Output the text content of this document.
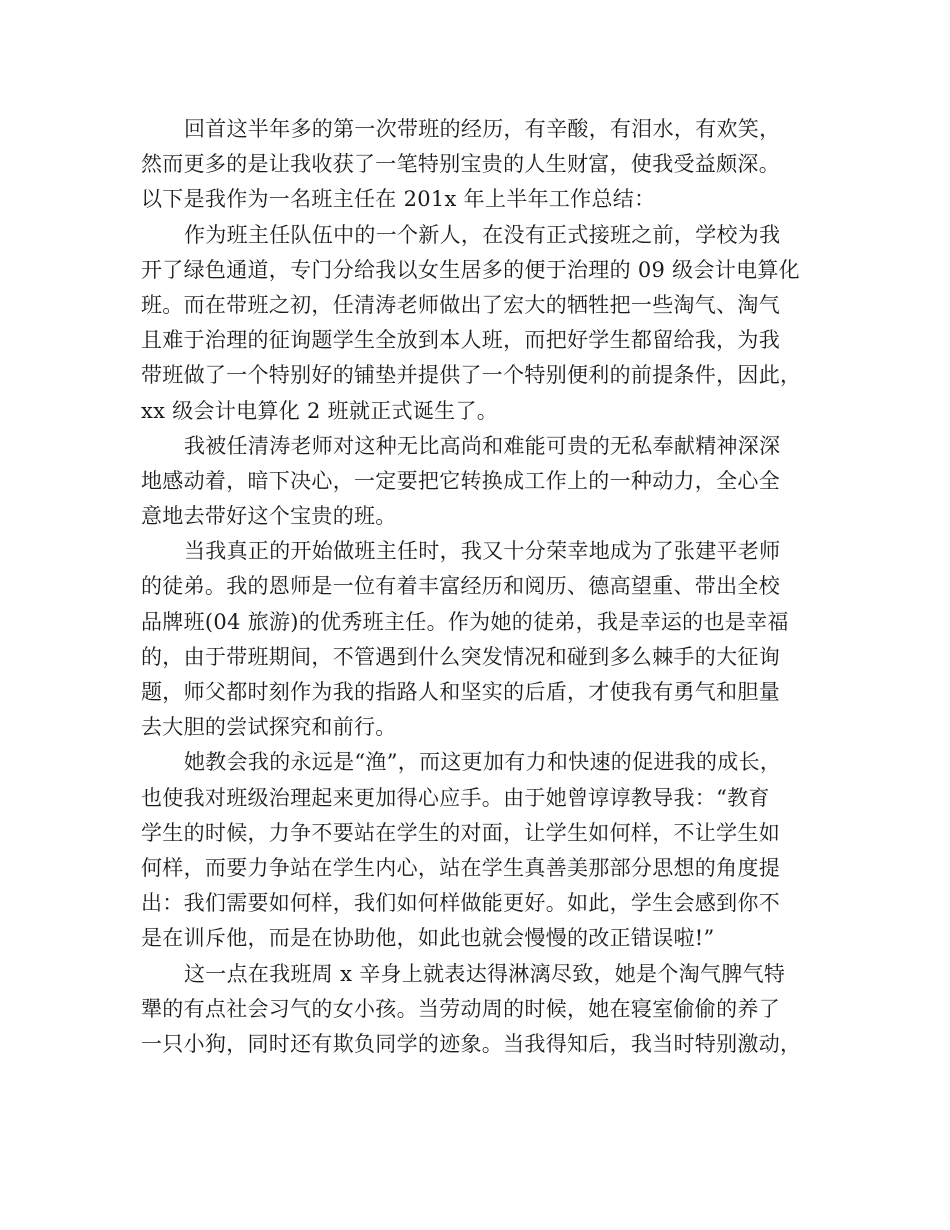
回首这半年多的第一次带班的经历，有辛酸，有泪水，有欢笑，
然而更多的是让我收获了一笔特别宝贵的人生财富，使我受益颇深。
以下是我作为一名班主任在 201x 年上半年工作总结：
作为班主任队伍中的一个新人，在没有正式接班之前，学校为我
开了绿色通道，专门分给我以女生居多的便于治理的 09 级会计电算化
班。而在带班之初，任清涛老师做出了宏大的牺牲把一些淘气、淘气
且难于治理的征询题学生全放到本人班，而把好学生都留给我，为我
带班做了一个特别好的铺垫并提供了一个特别便利的前提条件，因此，
xx 级会计电算化 2 班就正式诞生了。
我被任清涛老师对这种无比高尚和难能可贵的无私奉献精神深深
地感动着，暗下决心，一定要把它转换成工作上的一种动力，全心全
意地去带好这个宝贵的班。
当我真正的开始做班主任时，我又十分荣幸地成为了张建平老师
的徒弟。我的恩师是一位有着丰富经历和阅历、德高望重、带出全校
品牌班(04 旅游)的优秀班主任。作为她的徒弟，我是幸运的也是幸福
的，由于带班期间，不管遇到什么突发情况和碰到多么棘手的大征询
题，师父都时刻作为我的指路人和坚实的后盾，才使我有勇气和胆量
去大胆的尝试探究和前行。
她教会我的永远是“渔”，而这更加有力和快速的促进我的成长，
也使我对班级治理起来更加得心应手。由于她曾谆谆教导我：“教育
学生的时候，力争不要站在学生的对面，让学生如何样，不让学生如
何样，而要力争站在学生内心，站在学生真善美那部分思想的角度提
出：我们需要如何样，我们如何样做能更好。如此，学生会感到你不
是在训斥他，而是在协助他，如此也就会慢慢的改正错误啦!”
这一点在我班周 x 辛身上就表达得淋漓尽致，她是个淘气脾气特
犟的有点社会习气的女小孩。当劳动周的时候，她在寝室偷偷的养了
一只小狗，同时还有欺负同学的迹象。当我得知后，我当时特别激动，
